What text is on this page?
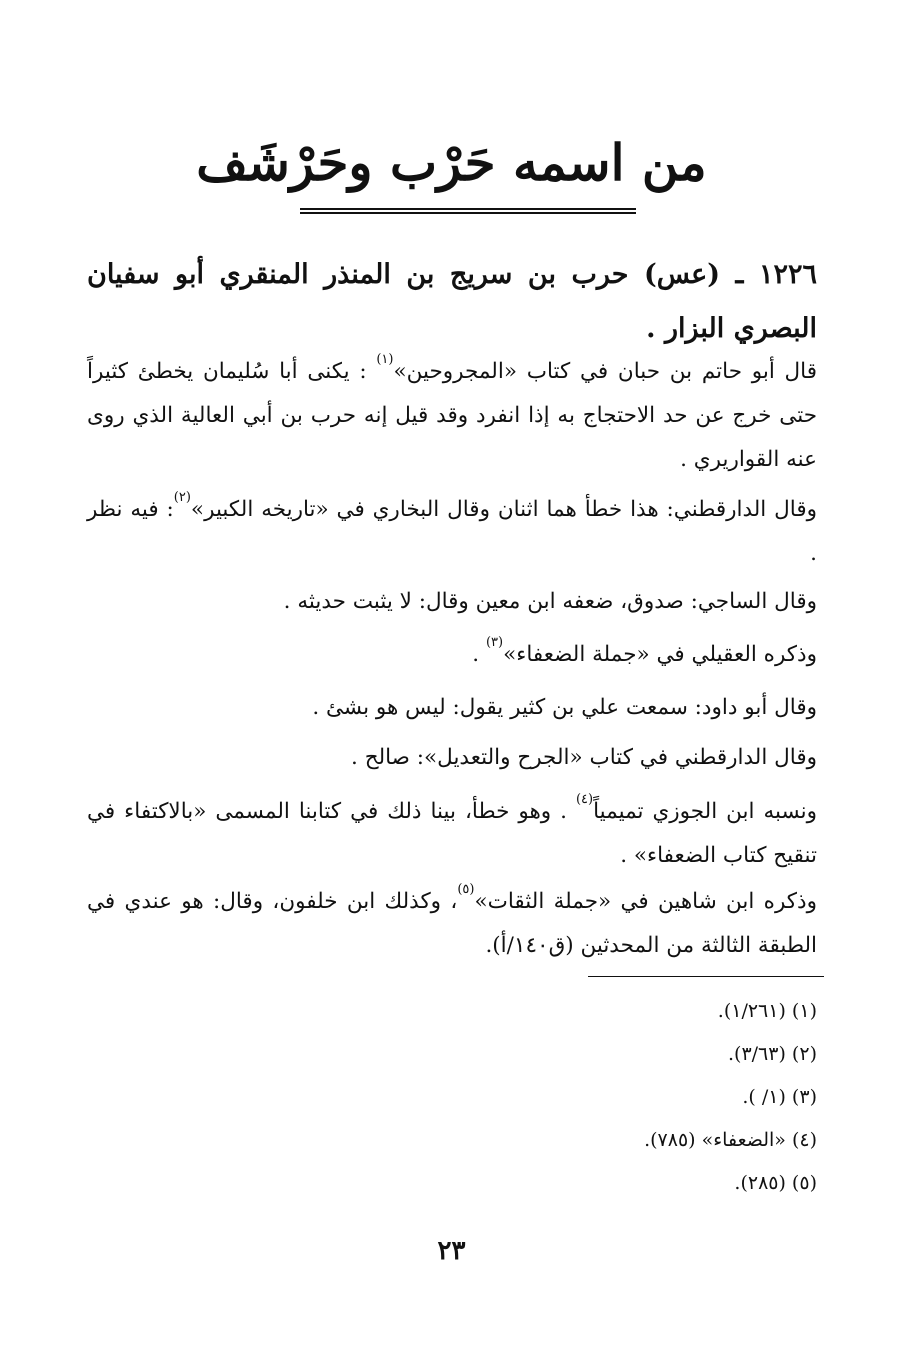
من اسمه حَرْب وحَرْشَف
١٢٢٦ ـ (عس) حرب بن سريج بن المنذر المنقري أبو سفيان البصري البزار .
قال أبو حاتم بن حبان في كتاب «المجروحين»$^{(١)}$ : يكنى أبا سُليمان يخطئ كثيراً حتى خرج عن حد الاحتجاج به إذا انفرد وقد قيل إنه حرب بن أبي العالية الذي روى عنه القواريري .
وقال الدارقطني: هذا خطأ هما اثنان وقال البخاري في «تاريخه الكبير»$^{(٢)}$: فيه نظر .
وقال الساجي: صدوق، ضعفه ابن معين وقال: لا يثبت حديثه .
وذكره العقيلي في «جملة الضعفاء»$^{(٣)}$ .
وقال أبو داود: سمعت علي بن كثير يقول: ليس هو بشئ .
وقال الدارقطني في كتاب «الجرح والتعديل»: صالح .
ونسبه ابن الجوزي تميمياً$^{(٤)}$ . وهو خطأ، بينا ذلك في كتابنا المسمى «بالاكتفاء في تنقيح كتاب الضعفاء» .
وذكره ابن شاهين في «جملة الثقات»$^{(٥)}$، وكذلك ابن خلفون، وقال: هو عندي في الطبقة الثالثة من المحدثين (ق١٤٠/أ).
(١) (١/٢٦١).
(٢) (٣/٦٣).
(٣) (١/ ).
(٤) «الضعفاء» (٧٨٥).
(٥) (٢٨٥).
٢٣
